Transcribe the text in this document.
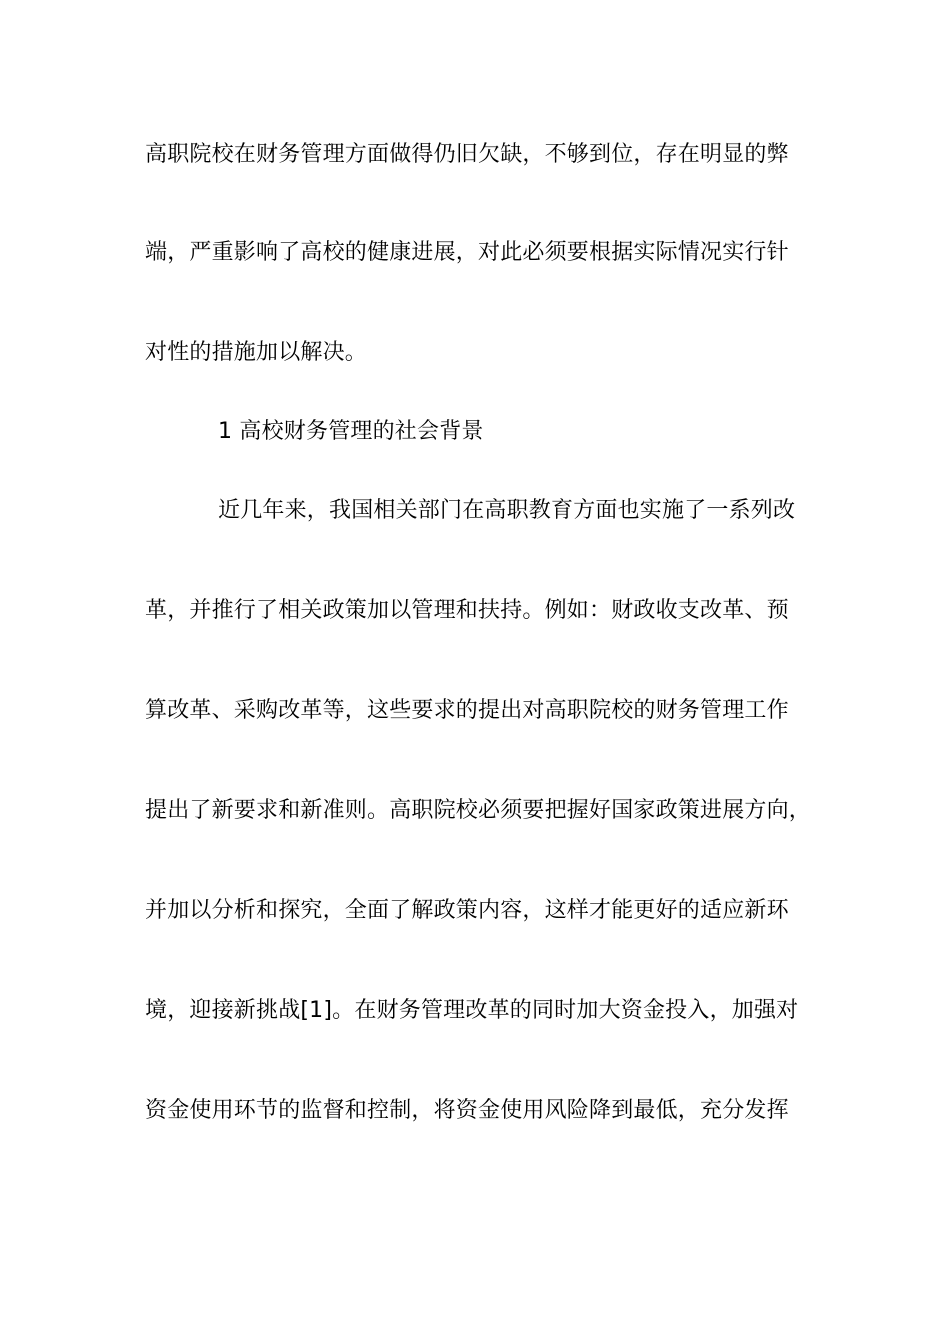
高职院校在财务管理方面做得仍旧欠缺，不够到位，存在明显的弊
端，严重影响了高校的健康进展，对此必须要根据实际情况实行针
对性的措施加以解决。
1 高校财务管理的社会背景
近几年来，我国相关部门在高职教育方面也实施了一系列改
革，并推行了相关政策加以管理和扶持。例如：财政收支改革、预
算改革、采购改革等，这些要求的提出对高职院校的财务管理工作
提出了新要求和新准则。高职院校必须要把握好国家政策进展方向，
并加以分析和探究，全面了解政策内容，这样才能更好的适应新环
境，迎接新挑战[1]。在财务管理改革的同时加大资金投入，加强对
资金使用环节的监督和控制，将资金使用风险降到最低，充分发挥
